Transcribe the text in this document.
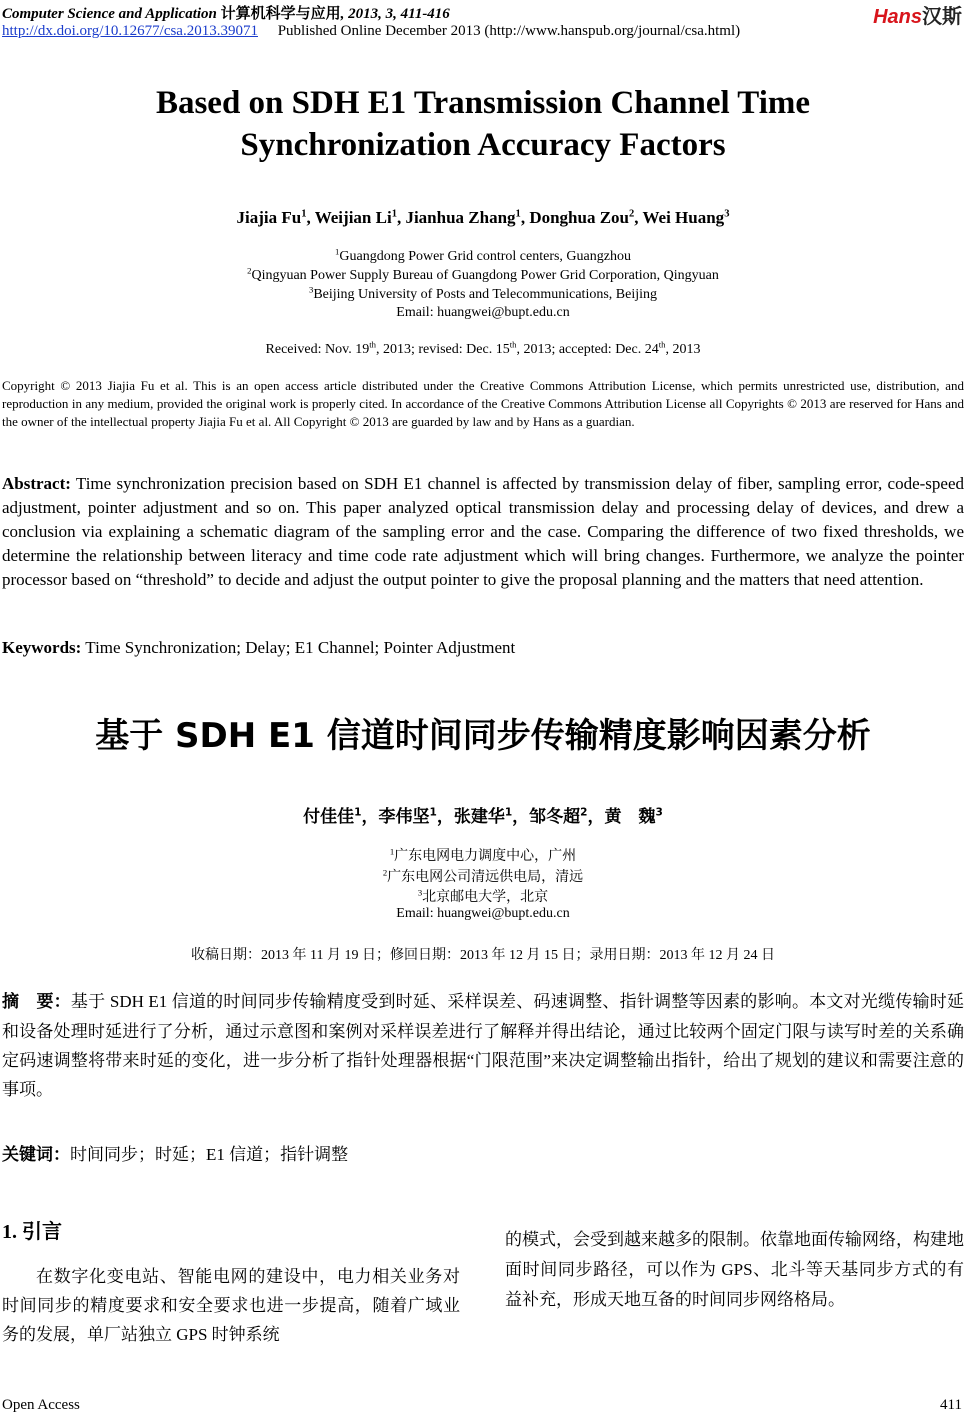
Computer Science and Application 计算机科学与应用, 2013, 3, 411-416	Hans汉斯
http://dx.doi.org/10.12677/csa.2013.39071 Published Online December 2013 (http://www.hanspub.org/journal/csa.html)
Based on SDH E1 Transmission Channel Time
Synchronization Accuracy Factors
Jiajia Fu$^1$, Weijian Li$^1$, Jianhua Zhang$^1$, Donghua Zou$^2$, Wei Huang$^3$
$^1$Guangdong Power Grid control centers, Guangzhou
$^2$Qingyuan Power Supply Bureau of Guangdong Power Grid Corporation, Qingyuan
$^3$Beijing University of Posts and Telecommunications, Beijing
Email: huangwei@bupt.edu.cn
Received: Nov. 19th, 2013; revised: Dec. 15th, 2013; accepted: Dec. 24th, 2013
Copyright © 2013 Jiajia Fu et al. This is an open access article distributed under the Creative Commons Attribution License, which permits unrestricted use, distribution, and reproduction in any medium, provided the original work is properly cited. In accordance of the Creative Commons Attribution License all Copyrights © 2013 are reserved for Hans and the owner of the intellectual property Jiajia Fu et al. All Copyright © 2013 are guarded by law and by Hans as a guardian.
Abstract: Time synchronization precision based on SDH E1 channel is affected by transmission delay of fiber, sampling error, code-speed adjustment, pointer adjustment and so on. This paper analyzed optical transmission delay and processing delay of devices, and drew a conclusion via explaining a schematic diagram of the sampling error and the case. Comparing the difference of two fixed thresholds, we determine the relationship between literacy and time code rate adjustment which will bring changes. Furthermore, we analyze the pointer processor based on “threshold” to decide and adjust the output pointer to give the proposal planning and the matters that need attention.
Keywords: Time Synchronization; Delay; E1 Channel; Pointer Adjustment
基于 SDH E1 信道时间同步传输精度影响因素分析
付佳佳$^1$，李伟坚$^1$，张建华$^1$，邹冬超$^2$，黄　魏$^3$
$^1$广东电网电力调度中心，广州
$^2$广东电网公司清远供电局，清远
$^3$北京邮电大学，北京
Email: huangwei@bupt.edu.cn
收稿日期：2013 年 11 月 19 日；修回日期：2013 年 12 月 15 日；录用日期：2013 年 12 月 24 日
摘　要：基于 SDH E1 信道的时间同步传输精度受到时延、采样误差、码速调整、指针调整等因素的影响。本文对光缆传输时延和设备处理时延进行了分析，通过示意图和案例对采样误差进行了解释并得出结论，通过比较两个固定门限与读写时差的关系确定码速调整将带来时延的变化，进一步分析了指针处理器根据“门限范围”来决定调整输出指针，给出了规划的建议和需要注意的事项。
关键词：时间同步；时延；E1 信道；指针调整
1. 引言
在数字化变电站、智能电网的建设中，电力相关业务对时间同步的精度要求和安全要求也进一步提高，随着广域业务的发展，单厂站独立 GPS 时钟系统
的模式，会受到越来越多的限制。依靠地面传输网络，构建地面时间同步路径，可以作为 GPS、北斗等天基同步方式的有益补充，形成天地互备的时间同步网络格局。
Open Access	411
